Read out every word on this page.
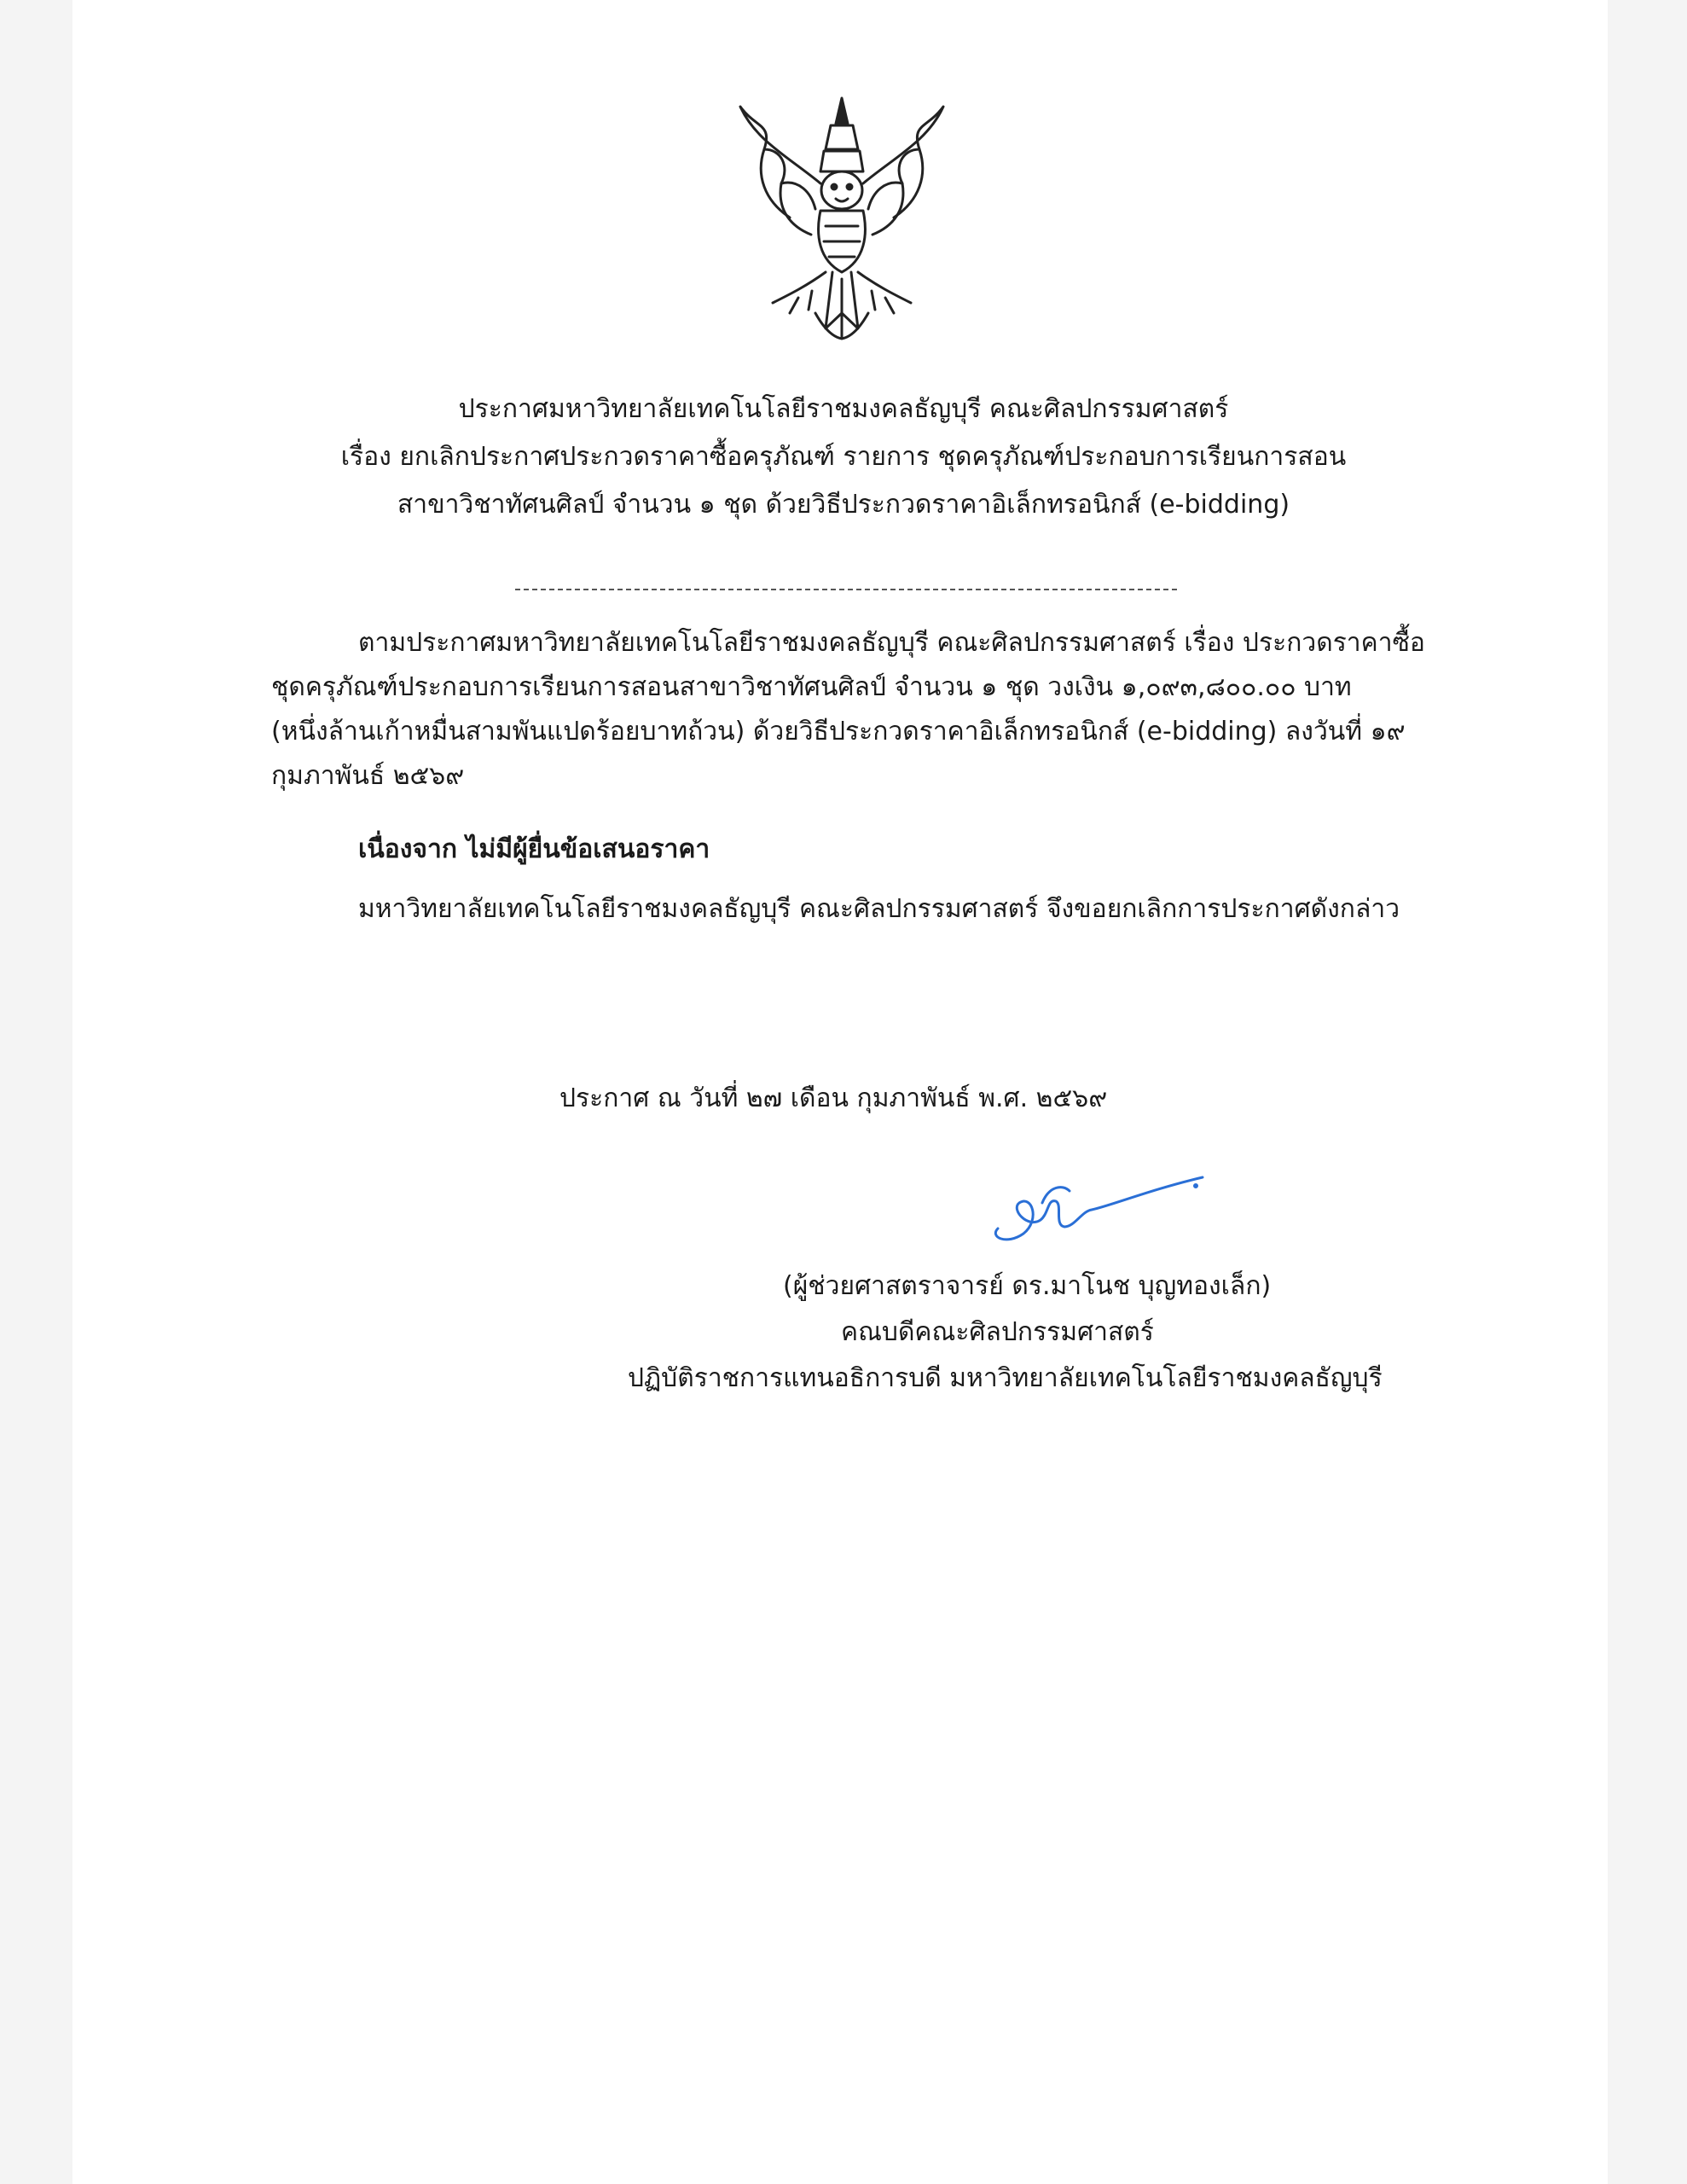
ประกาศมหาวิทยาลัยเทคโนโลยีราชมงคลธัญบุรี คณะศิลปกรรมศาสตร์
เรื่อง ยกเลิกประกาศประกวดราคาซื้อครุภัณฑ์ รายการ ชุดครุภัณฑ์ประกอบการเรียนการสอน
สาขาวิชาทัศนศิลป์ จำนวน ๑ ชุด ด้วยวิธีประกวดราคาอิเล็กทรอนิกส์ (e-bidding)
ตามประกาศมหาวิทยาลัยเทคโนโลยีราชมงคลธัญบุรี คณะศิลปกรรมศาสตร์ เรื่อง ประกวดราคาซื้อ
ชุดครุภัณฑ์ประกอบการเรียนการสอนสาขาวิชาทัศนศิลป์ จำนวน ๑ ชุด วงเงิน ๑,๐๙๓,๘๐๐.๐๐ บาท
(หนึ่งล้านเก้าหมื่นสามพันแปดร้อยบาทถ้วน) ด้วยวิธีประกวดราคาอิเล็กทรอนิกส์ (e-bidding) ลงวันที่ ๑๙
กุมภาพันธ์ ๒๕๖๙
เนื่องจาก ไม่มีผู้ยื่นข้อเสนอราคา
มหาวิทยาลัยเทคโนโลยีราชมงคลธัญบุรี คณะศิลปกรรมศาสตร์ จึงขอยกเลิกการประกาศดังกล่าว
ประกาศ ณ วันที่ ๒๗ เดือน กุมภาพันธ์ พ.ศ. ๒๕๖๙
(ผู้ช่วยศาสตราจารย์ ดร.มาโนช บุญทองเล็ก)
คณบดีคณะศิลปกรรมศาสตร์
ปฏิบัติราชการแทนอธิการบดี มหาวิทยาลัยเทคโนโลยีราชมงคลธัญบุรี
